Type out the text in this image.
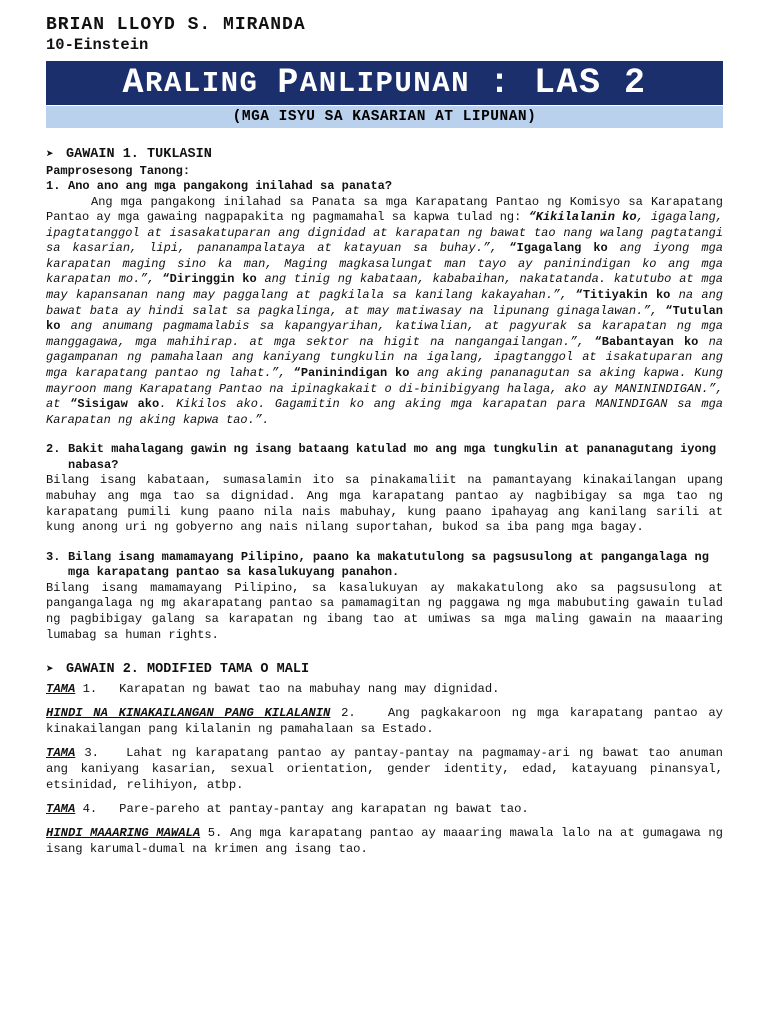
BRIAN LLOYD S. MIRANDA
10-Einstein
A RALING
P ANLIPUNAN
: LAS 2
(MGA ISYU SA KASARIAN AT LIPUNAN)
➤ GAWAIN 1. TUKLASIN
Pamprosesong Tanong:
1. Ano ano ang mga pangakong inilahad sa panata?
Ang mga pangakong inilahad sa Panata sa mga Karapatang Pantao ng Komisyo sa Karapatang Pantao ay mga gawaing nagpapakita ng pagmamahal sa kapwa tulad ng: “Kikilalanin ko, igagalang, ipagtatanggol at isasakatuparan ang dignidad at karapatan ng bawat tao nang walang pagtatangi sa kasarian, lipi, pananampalataya at katayuan sa buhay.”, “Igagalang ko ang iyong mga karapatan maging sino ka man, Maging magkasalungat man tayo ay paninindigan ko ang mga karapatan mo.”, “Diringgin ko ang tinig ng kabataan, kababaihan, nakatatanda. katutubo at mga may kapansanan nang may paggalang at pagkilala sa kanilang kakayahan.”, “Titiyakin ko na ang bawat bata ay hindi salat sa pagkalinga, at may matiwasay na lipunang ginagalawan.”, “Tutulan ko ang anumang pagmamalabis sa kapangyarihan, katiwalian, at pagyurak sa karapatan ng mga manggagawa, mga mahihirap. at mga sektor na higit na nangangailangan.”, “Babantayan ko na gagampanan ng pamahalaan ang kaniyang tungkulin na igalang, ipagtanggol at isakatuparan ang mga karapatang pantao ng lahat.”, “Paninindigan ko ang aking pananagutan sa aking kapwa. Kung mayroon mang Karapatang Pantao na ipinagkakait o di-binibigyang halaga, ako ay MANININDIGAN.”, at “Sisigaw ako. Kikilos ako. Gagamitin ko ang aking mga karapatan para MANINDIGAN sa mga Karapatan ng aking kapwa tao.”.
2. Bakit mahalagang gawin ng isang bataang katulad mo ang mga tungkulin at pananagutang iyong nabasa?
Bilang isang kabataan, sumasalamin ito sa pinakamaliit na pamantayang kinakailangan upang mabuhay ang mga tao sa dignidad. Ang mga karapatang pantao ay nagbibigay sa mga tao ng karapatang pumili kung paano nila nais mabuhay, kung paano ipahayag ang kanilang sarili at kung anong uri ng gobyerno ang nais nilang suportahan, bukod sa iba pang mga bagay.
3. Bilang isang mamamayang Pilipino, paano ka makatutulong sa pagsusulong at pangangalaga ng mga karapatang pantao sa kasalukuyang panahon.
Bilang isang mamamayang Pilipino, sa kasalukuyan ay makakatulong ako sa pagsusulong at pangangalaga ng mg akarapatang pantao sa pamamagitan ng paggawa ng mga mabubuting gawain tulad ng pagbibigay galang sa karapatan ng ibang tao at umiwas sa mga maling gawain na maaaring lumabag sa human rights.
➤ GAWAIN 2. MODIFIED TAMA O MALI
TAMA 1.   Karapatan ng bawat tao na mabuhay nang may dignidad.
HINDI NA KINAKAILANGAN PANG KILALANIN 2.   Ang pagkakaroon ng mga karapatang pantao ay kinakailangan pang kilalanin ng pamahalaan sa Estado.
TAMA 3.   Lahat ng karapatang pantao ay pantay-pantay na pagmamay-ari ng bawat tao anuman ang kaniyang kasarian, sexual orientation, gender identity, edad, katayuang pinansyal, etsinidad, relihiyon, atbp.
TAMA 4.   Pare-pareho at pantay-pantay ang karapatan ng bawat tao.
HINDI MAAARING MAWALA 5. Ang mga karapatang pantao ay maaaring mawala lalo na at gumagawa ng isang karumal-dumal na krimen ang isang tao.
